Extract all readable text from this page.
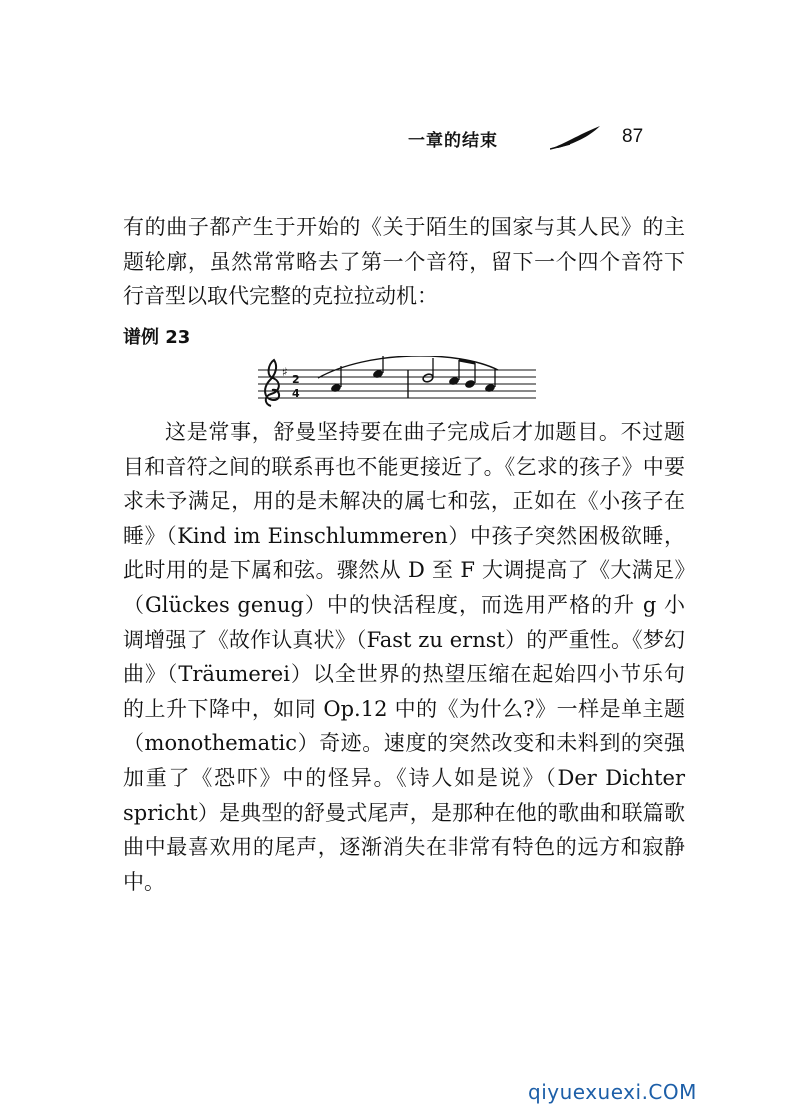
一章的结束	87

有的曲子都产生于开始的《关于陌生的国家与其人民》的主题轮廓，虽然常常略去了第一个音符，留下一个四个音符下行音型以取代完整的克拉拉动机：

谱例 23
♯
2
4

这是常事，舒曼坚持要在曲子完成后才加题目。不过题目和音符之间的联系再也不能更接近了。《乞求的孩子》中要求未予满足，用的是未解决的属七和弦，正如在《小孩子在睡》（Kind im Einschlummeren）中孩子突然困极欲睡，此时用的是下属和弦。骤然从 D 至 F 大调提高了《大满足》（Glückes genug）中的快活程度，而选用严格的升 g 小调增强了《故作认真状》（Fast zu ernst）的严重性。《梦幻曲》（Träumerei）以全世界的热望压缩在起始四小节乐句的上升下降中，如同 Op.12 中的《为什么?》一样是单主题（monothematic）奇迹。速度的突然改变和未料到的突强加重了《恐吓》中的怪异。《诗人如是说》（Der Dichter spricht）是典型的舒曼式尾声，是那种在他的歌曲和联篇歌曲中最喜欢用的尾声，逐渐消失在非常有特色的远方和寂静中。

qiyuexuexi.COM
